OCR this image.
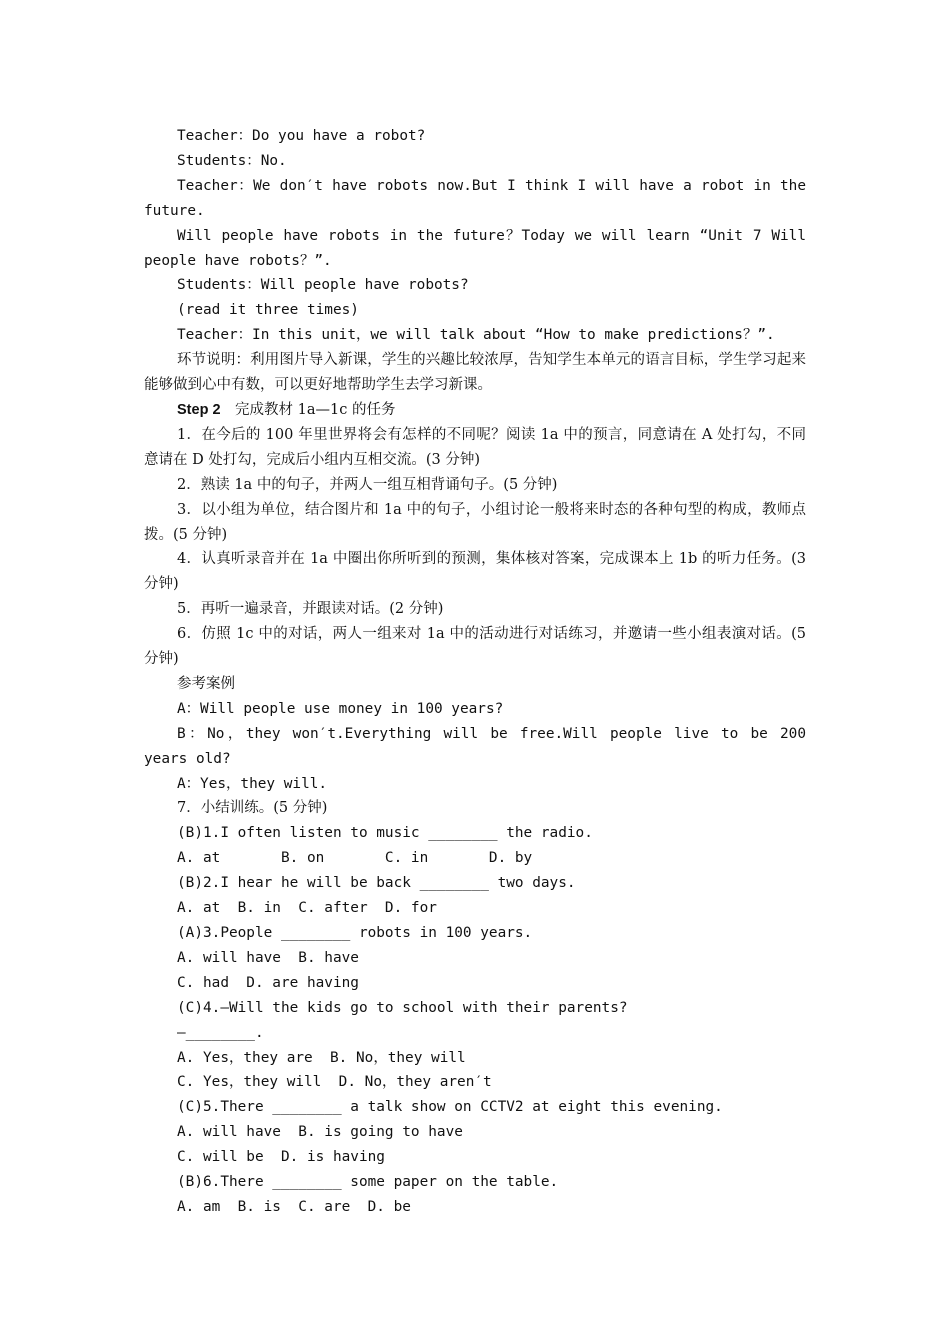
Teacher：Do you have a robot?

Students：No.

Teacher：We don′t have robots now.But I think I will have a robot in the future.

Will people have robots in the future？Today we will learn “Unit 7 Will people have robots？”.

Students：Will people have robots?

(read it three times)

Teacher：In this unit，we will talk about “How to make predictions？”.

环节说明：利用图片导入新课，学生的兴趣比较浓厚，告知学生本单元的语言目标，学生学习起来能够做到心中有数，可以更好地帮助学生去学习新课。

Step 2　 完成教材 1a—1c 的任务

1．在今后的 100 年里世界将会有怎样的不同呢？阅读 1a 中的预言，同意请在 A 处打勾，不同意请在 D 处打勾，完成后小组内互相交流。(3 分钟)

2．熟读 1a 中的句子，并两人一组互相背诵句子。(5 分钟)

3．以小组为单位，结合图片和 1a 中的句子，小组讨论一般将来时态的各种句型的构成，教师点拨。(5 分钟)

4．认真听录音并在 1a 中圈出你所听到的预测，集体核对答案，完成课本上 1b 的听力任务。(3 分钟)

5．再听一遍录音，并跟读对话。(2 分钟)

6．仿照 1c 中的对话，两人一组来对 1a 中的活动进行对话练习，并邀请一些小组表演对话。(5 分钟)

参考案例

A：Will people use money in 100 years?

B：No，they won′t.Everything will be free.Will people live to be 200 years old?

A：Yes，they will.

7．小结训练。(5 分钟)

(B)1.I often listen to music ________ the radio.

A. at       B. on       C. in       D. by

(B)2.I hear he will be back ________ two days.

A. at  B. in  C. after  D. for

(A)3.People ________ robots in 100 years.

A. will have  B. have

C. had  D. are having

(C)4.—Will the kids go to school with their parents?

—________.

A. Yes，they are  B. No，they will

C. Yes，they will  D. No，they aren′t

(C)5.There ________ a talk show on CCTV2 at eight this evening.

A. will have  B. is going to have

C. will be  D. is having

(B)6.There ________ some paper on the table.

A. am  B. is  C. are  D. be
